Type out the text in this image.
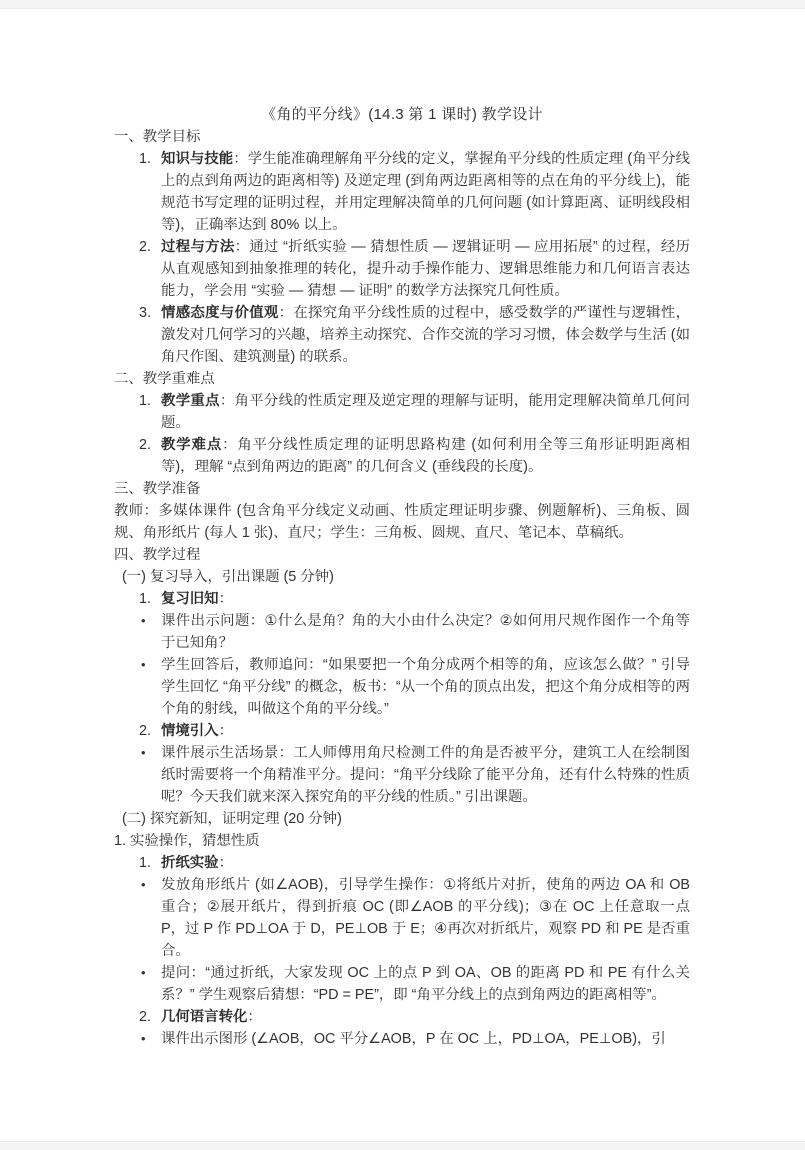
《角的平分线》(14.3 第 1 课时) 教学设计
一、教学目标
1. 知识与技能：学生能准确理解角平分线的定义，掌握角平分线的性质定理 (角平分线上的点到角两边的距离相等) 及逆定理 (到角两边距离相等的点在角的平分线上)，能规范书写定理的证明过程，并用定理解决简单的几何问题 (如计算距离、证明线段相等)，正确率达到 80% 以上。
2. 过程与方法：通过 “折纸实验 — 猜想性质 — 逻辑证明 — 应用拓展” 的过程，经历从直观感知到抽象推理的转化，提升动手操作能力、逻辑思维能力和几何语言表达能力，学会用 “实验 — 猜想 — 证明” 的数学方法探究几何性质。
3. 情感态度与价值观：在探究角平分线性质的过程中，感受数学的严谨性与逻辑性，激发对几何学习的兴趣，培养主动探究、合作交流的学习习惯，体会数学与生活 (如角尺作图、建筑测量) 的联系。
二、教学重难点
1. 教学重点：角平分线的性质定理及逆定理的理解与证明，能用定理解决简单几何问题。
2. 教学难点：角平分线性质定理的证明思路构建 (如何利用全等三角形证明距离相等)，理解 “点到角两边的距离” 的几何含义 (垂线段的长度)。
三、教学准备
教师：多媒体课件 (包含角平分线定义动画、性质定理证明步骤、例题解析)、三角板、圆规、角形纸片 (每人 1 张)、直尺；学生：三角板、圆规、直尺、笔记本、草稿纸。
四、教学过程
(一) 复习导入，引出课题 (5 分钟)
1. 复习旧知：
•	课件出示问题：①什么是角？角的大小由什么决定？②如何用尺规作图作一个角等于已知角？
•	学生回答后，教师追问：“如果要把一个角分成两个相等的角，应该怎么做？” 引导学生回忆 “角平分线” 的概念，板书：“从一个角的顶点出发，把这个角分成相等的两个角的射线，叫做这个角的平分线。”
2. 情境引入：
•	课件展示生活场景：工人师傅用角尺检测工件的角是否被平分，建筑工人在绘制图纸时需要将一个角精准平分。提问：“角平分线除了能平分角，还有什么特殊的性质呢？今天我们就来深入探究角的平分线的性质。” 引出课题。
(二) 探究新知，证明定理 (20 分钟)
1. 实验操作，猜想性质
1. 折纸实验：
•	发放角形纸片 (如∠AOB)，引导学生操作：①将纸片对折，使角的两边 OA 和 OB 重合；②展开纸片，得到折痕 OC (即∠AOB 的平分线)；③在 OC 上任意取一点 P，过 P 作 PD⊥OA 于 D，PE⊥OB 于 E；④再次对折纸片，观察 PD 和 PE 是否重合。
•	提问：“通过折纸，大家发现 OC 上的点 P 到 OA、OB 的距离 PD 和 PE 有什么关系？” 学生观察后猜想：“PD = PE”，即 “角平分线上的点到角两边的距离相等”。
2. 几何语言转化：
•	课件出示图形 (∠AOB，OC 平分∠AOB，P 在 OC 上，PD⊥OA，PE⊥OB)，引
